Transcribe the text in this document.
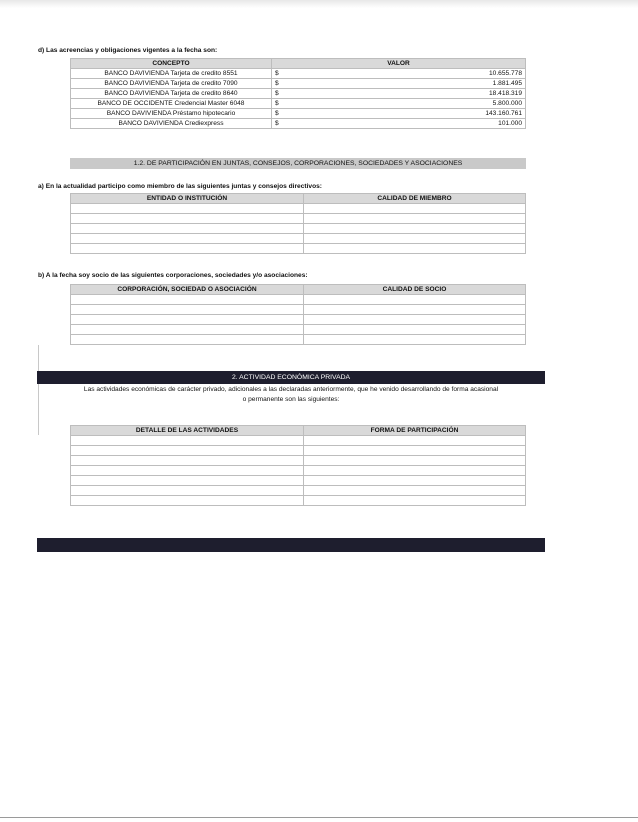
d) Las acreencias y obligaciones vigentes a la fecha son:
CONCEPTO	VALOR	
BANCO DAVIVIENDA Tarjeta de credito 8551	$	10.655.778
BANCO DAVIVIENDA Tarjeta de credito 7090	$	1.881.495
BANCO DAVIVIENDA Tarjeta de credito 8640	$	18.418.319
BANCO DE OCCIDENTE Credencial Master 6048	$	5.800.000
BANCO DAVIVIENDA Préstamo hipotecario	$	143.160.761
BANCO DAVIVIENDA Crediexpress	$	101.000
1.2. DE PARTICIPACIÓN EN JUNTAS, CONSEJOS, CORPORACIONES, SOCIEDADES Y ASOCIACIONES
a) En la actualidad participo como miembro de las siguientes juntas y consejos directivos:
ENTIDAD O INSTITUCIÓN	CALIDAD DE MIEMBRO

b) A la fecha soy socio de las siguientes corporaciones, sociedades y/o asociaciones:
CORPORACIÓN, SOCIEDAD O ASOCIACIÓN	CALIDAD DE SOCIO

2. ACTIVIDAD ECONÓMICA PRIVADA
Las actividades económicas de carácter privado, adicionales a las declaradas anteriormente, que he venido desarrollando de forma acasional
o permanente son las siguientes:
DETALLE DE LAS ACTIVIDADES	FORMA DE PARTICIPACIÓN
